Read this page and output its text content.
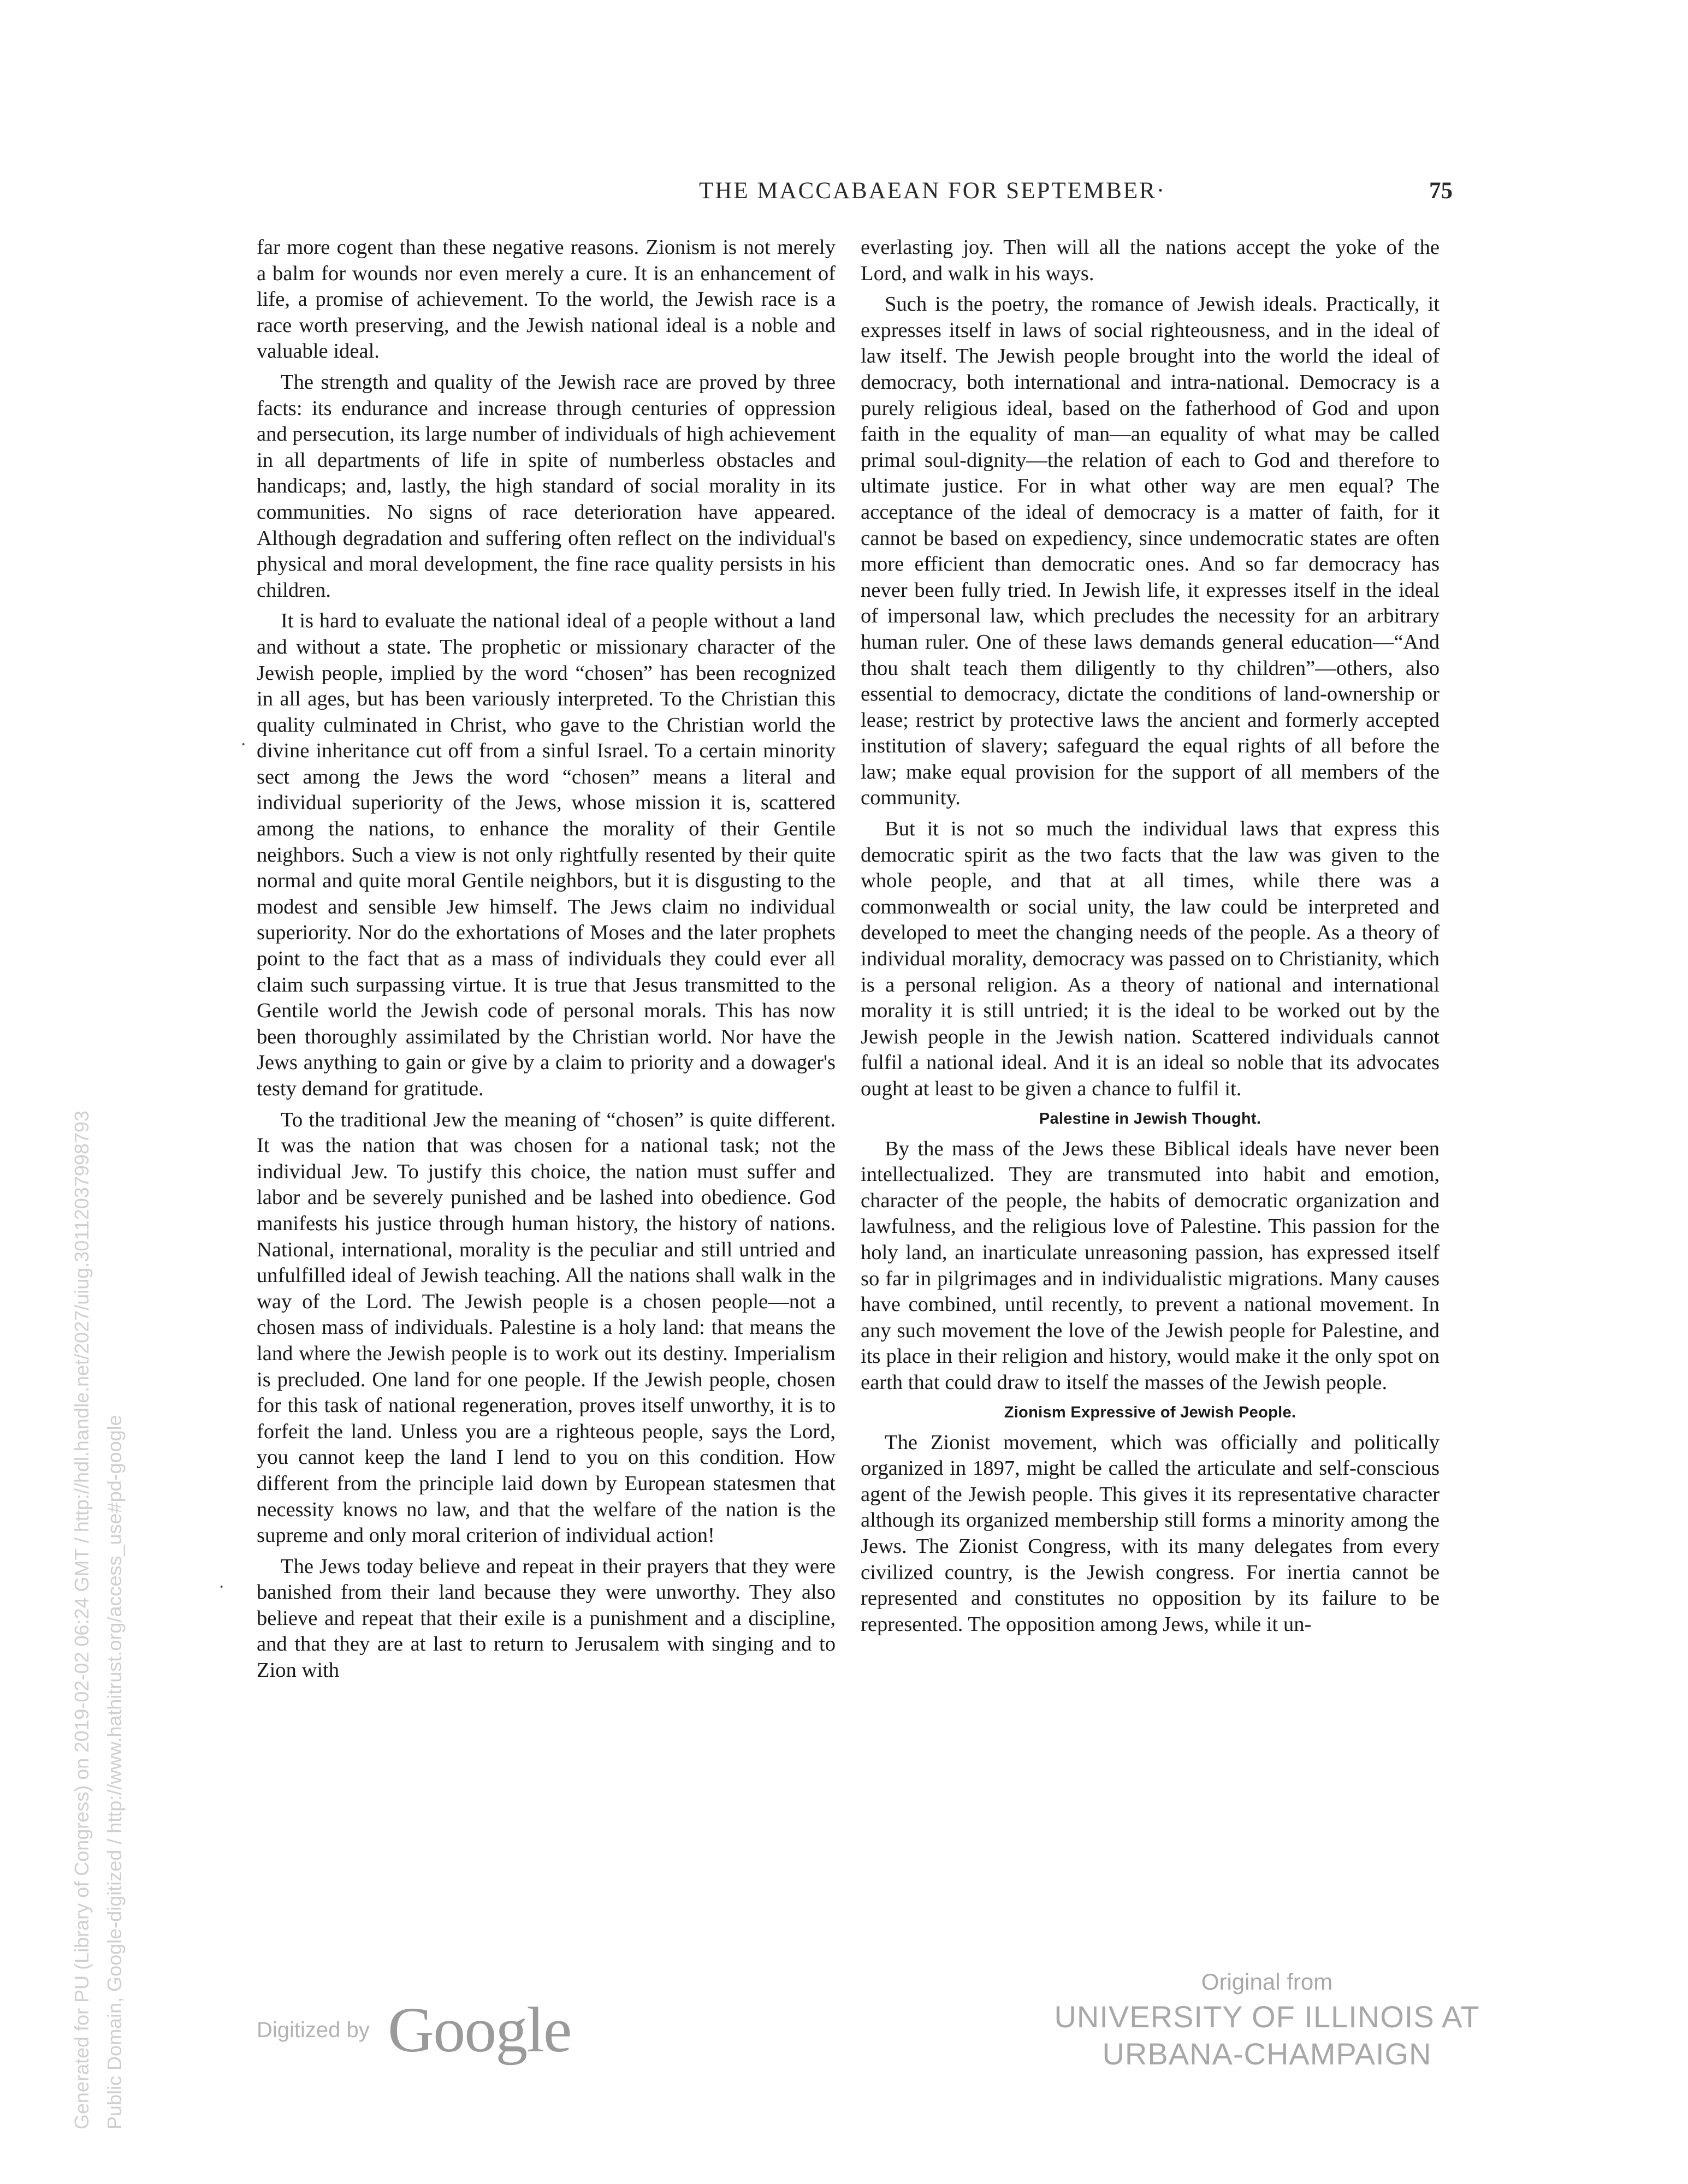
THE MACCABAEAN FOR SEPTEMBER·	75

far more cogent than these negative reasons. Zionism is not merely a balm for wounds nor even merely a cure. It is an enhancement of life, a promise of achievement. To the world, the Jewish race is a race worth preserving, and the Jewish national ideal is a noble and valuable ideal.

The strength and quality of the Jewish race are proved by three facts: its endurance and increase through centuries of oppression and persecution, its large number of individuals of high achievement in all departments of life in spite of numberless obstacles and handicaps; and, lastly, the high standard of social morality in its communities. No signs of race deterioration have appeared. Although degradation and suffering often reflect on the individual's physical and moral development, the fine race quality persists in his children.

It is hard to evaluate the national ideal of a people without a land and without a state. The prophetic or missionary character of the Jewish people, implied by the word “chosen” has been recognized in all ages, but has been variously interpreted. To the Christian this quality culminated in Christ, who gave to the Christian world the divine inheritance cut off from a sinful Israel. To a certain minority sect among the Jews the word “chosen” means a literal and individual superiority of the Jews, whose mission it is, scattered among the nations, to enhance the morality of their Gentile neighbors. Such a view is not only rightfully resented by their quite normal and quite moral Gentile neighbors, but it is disgusting to the modest and sensible Jew himself. The Jews claim no individual superiority. Nor do the exhortations of Moses and the later prophets point to the fact that as a mass of individuals they could ever all claim such surpassing virtue. It is true that Jesus transmitted to the Gentile world the Jewish code of personal morals. This has now been thoroughly assimilated by the Christian world. Nor have the Jews anything to gain or give by a claim to priority and a dowager's testy demand for gratitude.

To the traditional Jew the meaning of “chosen” is quite different. It was the nation that was chosen for a national task; not the individual Jew. To justify this choice, the nation must suffer and labor and be severely punished and be lashed into obedience. God manifests his justice through human history, the history of nations. National, international, morality is the peculiar and still untried and unfulfilled ideal of Jewish teaching. All the nations shall walk in the way of the Lord. The Jewish people is a chosen people—not a chosen mass of individuals. Palestine is a holy land: that means the land where the Jewish people is to work out its destiny. Imperialism is precluded. One land for one people. If the Jewish people, chosen for this task of national regeneration, proves itself unworthy, it is to forfeit the land. Unless you are a righteous people, says the Lord, you cannot keep the land I lend to you on this condition. How different from the principle laid down by European statesmen that necessity knows no law, and that the welfare of the nation is the supreme and only moral criterion of individual action!

The Jews today believe and repeat in their prayers that they were banished from their land because they were unworthy. They also believe and repeat that their exile is a punishment and a discipline, and that they are at last to return to Jerusalem with singing and to Zion with

everlasting joy. Then will all the nations accept the yoke of the Lord, and walk in his ways.

Such is the poetry, the romance of Jewish ideals. Practically, it expresses itself in laws of social righteousness, and in the ideal of law itself. The Jewish people brought into the world the ideal of democracy, both international and intra-national. Democracy is a purely religious ideal, based on the fatherhood of God and upon faith in the equality of man—an equality of what may be called primal soul-dignity—the relation of each to God and therefore to ultimate justice. For in what other way are men equal? The acceptance of the ideal of democracy is a matter of faith, for it cannot be based on expediency, since undemocratic states are often more efficient than democratic ones. And so far democracy has never been fully tried. In Jewish life, it expresses itself in the ideal of impersonal law, which precludes the necessity for an arbitrary human ruler. One of these laws demands general education—“And thou shalt teach them diligently to thy children”—others, also essential to democracy, dictate the conditions of land-ownership or lease; restrict by protective laws the ancient and formerly accepted institution of slavery; safeguard the equal rights of all before the law; make equal provision for the support of all members of the community.

But it is not so much the individual laws that express this democratic spirit as the two facts that the law was given to the whole people, and that at all times, while there was a commonwealth or social unity, the law could be interpreted and developed to meet the changing needs of the people. As a theory of individual morality, democracy was passed on to Christianity, which is a personal religion. As a theory of national and international morality it is still untried; it is the ideal to be worked out by the Jewish people in the Jewish nation. Scattered individuals cannot fulfil a national ideal. And it is an ideal so noble that its advocates ought at least to be given a chance to fulfil it.

Palestine in Jewish Thought.

By the mass of the Jews these Biblical ideals have never been intellectualized. They are transmuted into habit and emotion, character of the people, the habits of democratic organization and lawfulness, and the religious love of Palestine. This passion for the holy land, an inarticulate unreasoning passion, has expressed itself so far in pilgrimages and in individualistic migrations. Many causes have combined, until recently, to prevent a national movement. In any such movement the love of the Jewish people for Palestine, and its place in their religion and history, would make it the only spot on earth that could draw to itself the masses of the Jewish people.

Zionism Expressive of Jewish People.

The Zionist movement, which was officially and politically organized in 1897, might be called the articulate and self-conscious agent of the Jewish people. This gives it its representative character although its organized membership still forms a minority among the Jews. The Zionist Congress, with its many delegates from every civilized country, is the Jewish congress. For inertia cannot be represented and constitutes no opposition by its failure to be represented. The opposition among Jews, while it un-

·
·
Digitized by Google
Original from
UNIVERSITY OF ILLINOIS AT
URBANA-CHAMPAIGN
Generated for PU (Library of Congress) on 2019-02-02 06:24 GMT / http://hdl.handle.net/2027/uiug.30112037998793 Public Domain, Google-digitized / http://www.hathitrust.org/access_use#pd-google
